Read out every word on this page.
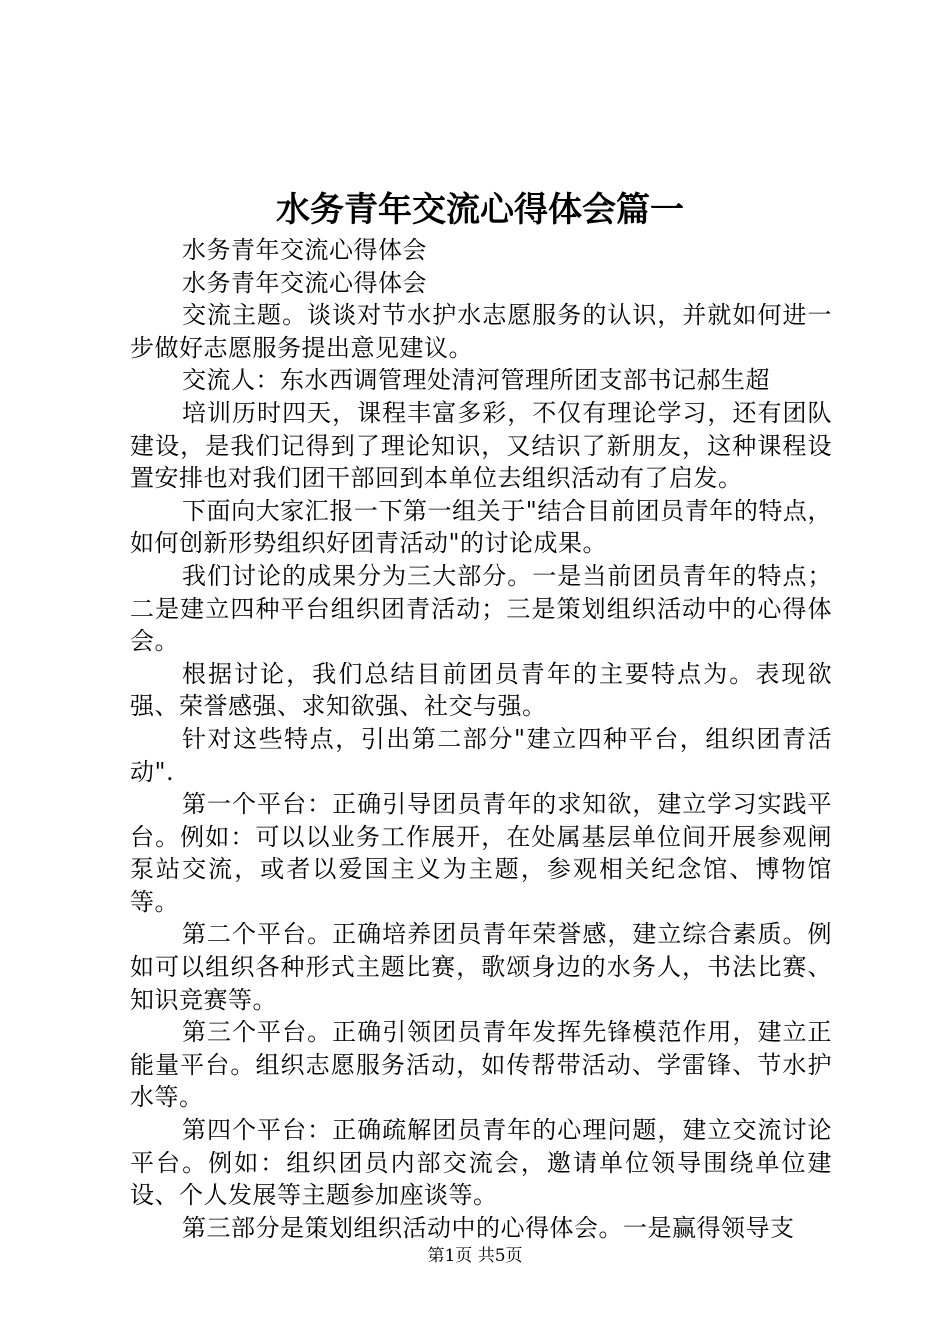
水务青年交流心得体会篇一

水务青年交流心得体会

水务青年交流心得体会

交流主题。谈谈对节水护水志愿服务的认识，并就如何进一步做好志愿服务提出意见建议。

交流人：东水西调管理处清河管理所团支部书记郝生超

培训历时四天，课程丰富多彩，不仅有理论学习，还有团队建设，是我们记得到了理论知识，又结识了新朋友，这种课程设置安排也对我们团干部回到本单位去组织活动有了启发。

下面向大家汇报一下第一组关于"结合目前团员青年的特点，如何创新形势组织好团青活动"的讨论成果。

我们讨论的成果分为三大部分。一是当前团员青年的特点；二是建立四种平台组织团青活动；三是策划组织活动中的心得体会。

根据讨论，我们总结目前团员青年的主要特点为。表现欲强、荣誉感强、求知欲强、社交与强。

针对这些特点，引出第二部分"建立四种平台，组织团青活动".

第一个平台：正确引导团员青年的求知欲，建立学习实践平台。例如：可以以业务工作展开，在处属基层单位间开展参观闸泵站交流，或者以爱国主义为主题，参观相关纪念馆、博物馆等。

第二个平台。正确培养团员青年荣誉感，建立综合素质。例如可以组织各种形式主题比赛，歌颂身边的水务人，书法比赛、知识竞赛等。

第三个平台。正确引领团员青年发挥先锋模范作用，建立正能量平台。组织志愿服务活动，如传帮带活动、学雷锋、节水护水等。

第四个平台：正确疏解团员青年的心理问题，建立交流讨论平台。例如：组织团员内部交流会，邀请单位领导围绕单位建设、个人发展等主题参加座谈等。

第三部分是策划组织活动中的心得体会。一是赢得领导支

第1页 共5页
